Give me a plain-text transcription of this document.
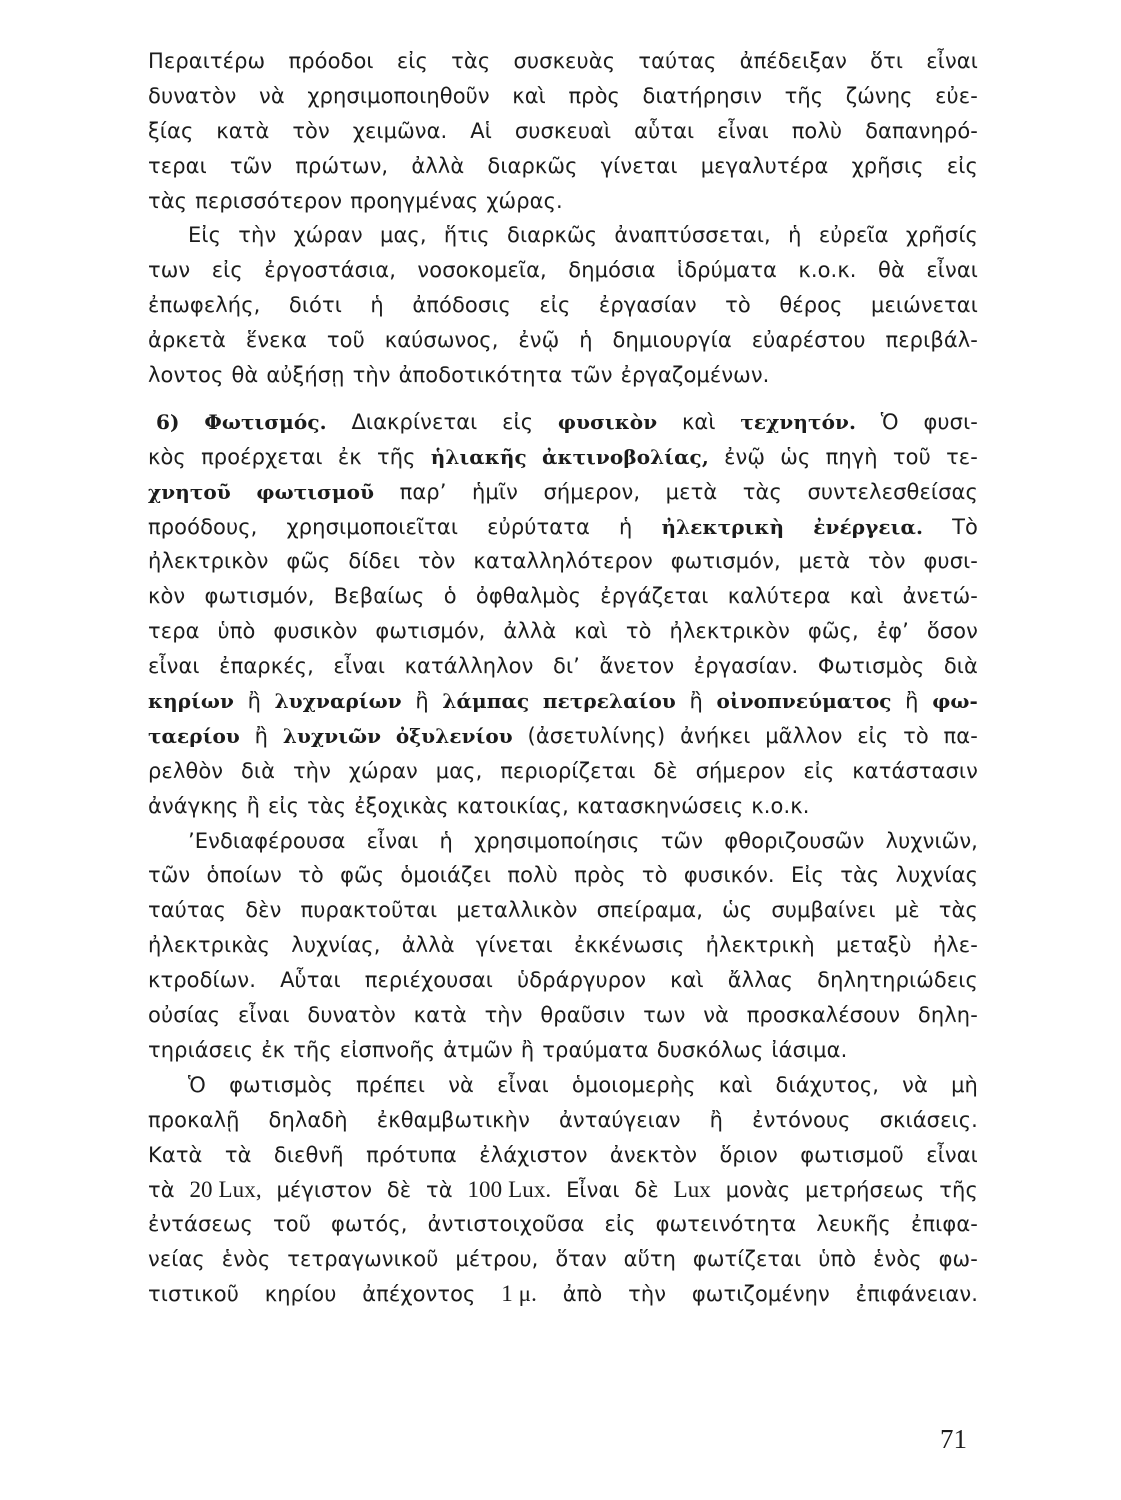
Περαιτέρω πρόοδοι εἰς τὰς συσκευὰς ταύτας ἀπέδειξαν ὅτι εἶναι
δυνατὸν νὰ χρησιμοποιηθοῦν καὶ πρὸς διατήρησιν τῆς ζώνης εὐε-
ξίας κατὰ τὸν χειμῶνα. Αἱ συσκευαὶ αὗται εἶναι πολὺ δαπανηρό-
τεραι τῶν πρώτων, ἀλλὰ διαρκῶς γίνεται μεγαλυτέρα χρῆσις εἰς
τὰς περισσότερον προηγμένας χώρας.
Εἰς τὴν χώραν μας, ἥτις διαρκῶς ἀναπτύσσεται, ἡ εὐρεῖα χρῆσίς
των εἰς ἐργοστάσια, νοσοκομεῖα, δημόσια ἱδρύματα κ.ο.κ. θὰ εἶναι
ἐπωφελής, διότι ἡ ἀπόδοσις εἰς ἐργασίαν τὸ θέρος μειώνεται
ἀρκετὰ ἕνεκα τοῦ καύσωνος, ἐνῷ ἡ δημιουργία εὐαρέστου περιβάλ-
λοντος θὰ αὐξήσῃ τὴν ἀποδοτικότητα τῶν ἐργαζομένων.
6) Φωτισμός. Διακρίνεται εἰς φυσικὸν καὶ τεχνητόν. Ὁ φυσι-
κὸς προέρχεται ἐκ τῆς ἡλιακῆς ἀκτινοβολίας, ἐνῷ ὡς πηγὴ τοῦ τε-
χνητοῦ φωτισμοῦ παρ’ ἡμῖν σήμερον, μετὰ τὰς συντελεσθείσας
προόδους, χρησιμοποιεῖται εὐρύτατα ἡ ἠλεκτρικὴ ἐνέργεια. Τὸ
ἠλεκτρικὸν φῶς δίδει τὸν καταλληλότερον φωτισμόν, μετὰ τὸν φυσι-
κὸν φωτισμόν, Βεβαίως ὁ ὀφθαλμὸς ἐργάζεται καλύτερα καὶ ἀνετώ-
τερα ὑπὸ φυσικὸν φωτισμόν, ἀλλὰ καὶ τὸ ἠλεκτρικὸν φῶς, ἐφ’ ὅσον
εἶναι ἐπαρκές, εἶναι κατάλληλον δι’ ἄνετον ἐργασίαν. Φωτισμὸς διὰ
κηρίων ἢ λυχναρίων ἢ λάμπας πετρελαίου ἢ οἰνοπνεύματος ἢ φω-
ταερίου ἢ λυχνιῶν ὀξυλενίου (ἀσετυλίνης) ἀνήκει μᾶλλον εἰς τὸ πα-
ρελθὸν διὰ τὴν χώραν μας, περιορίζεται δὲ σήμερον εἰς κατάστασιν
ἀνάγκης ἢ εἰς τὰς ἐξοχικὰς κατοικίας, κατασκηνώσεις κ.ο.κ.
’Ενδιαφέρουσα εἶναι ἡ χρησιμοποίησις τῶν φθοριζουσῶν λυχνιῶν,
τῶν ὁποίων τὸ φῶς ὁμοιάζει πολὺ πρὸς τὸ φυσικόν. Εἰς τὰς λυχνίας
ταύτας δὲν πυρακτοῦται μεταλλικὸν σπείραμα, ὡς συμβαίνει μὲ τὰς
ἠλεκτρικὰς λυχνίας, ἀλλὰ γίνεται ἐκκένωσις ἠλεκτρικὴ μεταξὺ ἠλε-
κτροδίων. Αὗται περιέχουσαι ὑδράργυρον καὶ ἄλλας δηλητηριώδεις
οὐσίας εἶναι δυνατὸν κατὰ τὴν θραῦσιν των νὰ προσκαλέσουν δηλη-
τηριάσεις ἐκ τῆς εἰσπνοῆς ἀτμῶν ἢ τραύματα δυσκόλως ἰάσιμα.
Ὁ φωτισμὸς πρέπει νὰ εἶναι ὁμοιομερὴς καὶ διάχυτος, νὰ μὴ
προκαλῇ δηλαδὴ ἐκθαμβωτικὴν ἀνταύγειαν ἢ ἐντόνους σκιάσεις.
Κατὰ τὰ διεθνῆ πρότυπα ἐλάχιστον ἀνεκτὸν ὅριον φωτισμοῦ εἶναι
τὰ 20 Lux, μέγιστον δὲ τὰ 100 Lux. Εἶναι δὲ Lux μονὰς μετρήσεως τῆς
ἐντάσεως τοῦ φωτός, ἀντιστοιχοῦσα εἰς φωτεινότητα λευκῆς ἐπιφα-
νείας ἑνὸς τετραγωνικοῦ μέτρου, ὅταν αὕτη φωτίζεται ὑπὸ ἑνὸς φω-
τιστικοῦ κηρίου ἀπέχοντος 1 μ. ἀπὸ τὴν φωτιζομένην ἐπιφάνειαν.
71
